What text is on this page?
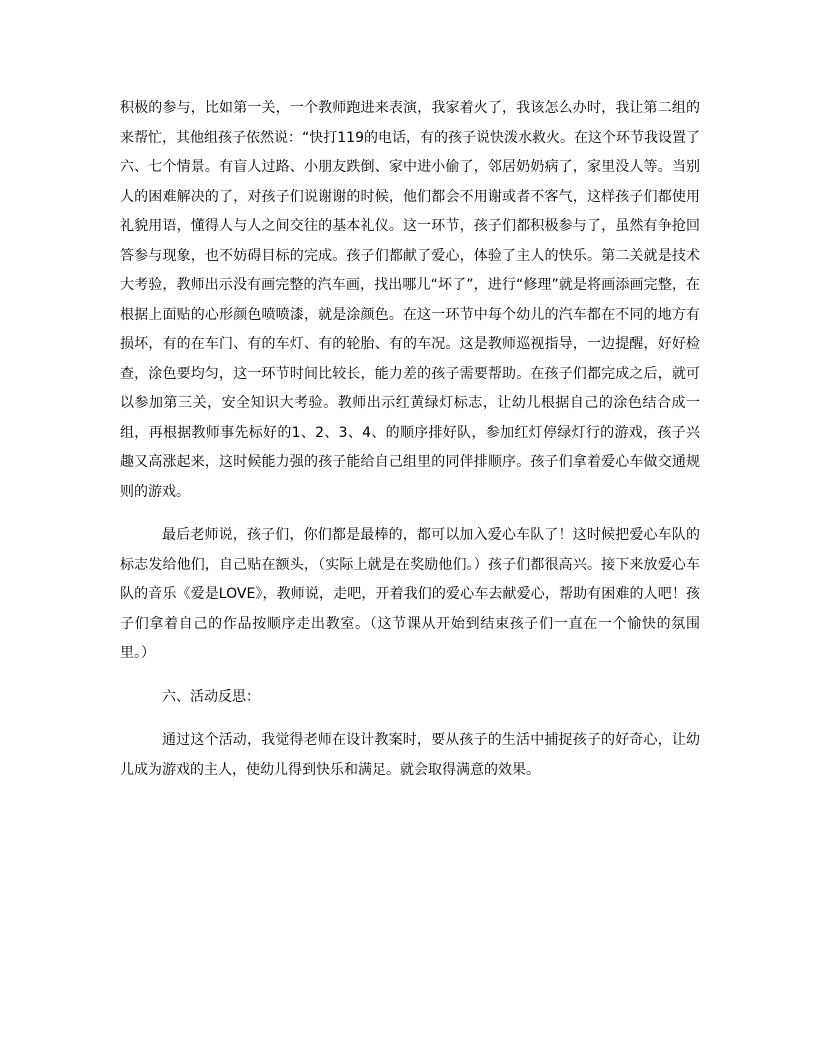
积极的参与，比如第一关，一个教师跑进来表演，我家着火了，我该怎么办时，我让第二组的来帮忙，其他组孩子依然说：“快打119的电话，有的孩子说快泼水救火。在这个环节我设置了六、七个情景。有盲人过路、小朋友跌倒、家中进小偷了，邻居奶奶病了，家里没人等。当别人的困难解决的了，对孩子们说谢谢的时候，他们都会不用谢或者不客气，这样孩子们都使用礼貌用语，懂得人与人之间交往的基本礼仪。这一环节，孩子们都积极参与了，虽然有争抢回答参与现象，也不妨碍目标的完成。孩子们都献了爱心，体验了主人的快乐。第二关就是技术大考验，教师出示没有画完整的汽车画，找出哪儿“坏了”，进行“修理”就是将画添画完整，在根据上面贴的心形颜色喷喷漆，就是涂颜色。在这一环节中每个幼儿的汽车都在不同的地方有损坏，有的在车门、有的车灯、有的轮胎、有的车况。这是教师巡视指导，一边提醒，好好检查，涂色要均匀，这一环节时间比较长，能力差的孩子需要帮助。在孩子们都完成之后，就可以参加第三关，安全知识大考验。教师出示红黄绿灯标志，让幼儿根据自己的涂色结合成一组，再根据教师事先标好的1、2、3、4、的顺序排好队，参加红灯停绿灯行的游戏，孩子兴趣又高涨起来，这时候能力强的孩子能给自己组里的同伴排顺序。孩子们拿着爱心车做交通规则的游戏。

最后老师说，孩子们，你们都是最棒的，都可以加入爱心车队了！这时候把爱心车队的标志发给他们，自己贴在额头，（实际上就是在奖励他们。）孩子们都很高兴。接下来放爱心车队的音乐《爱是LOVE》，教师说，走吧，开着我们的爱心车去献爱心，帮助有困难的人吧！孩子们拿着自己的作品按顺序走出教室。（这节课从开始到结束孩子们一直在一个愉快的氛围里。）

六、活动反思：

通过这个活动，我觉得老师在设计教案时，要从孩子的生活中捕捉孩子的好奇心，让幼儿成为游戏的主人，使幼儿得到快乐和满足。就会取得满意的效果。
